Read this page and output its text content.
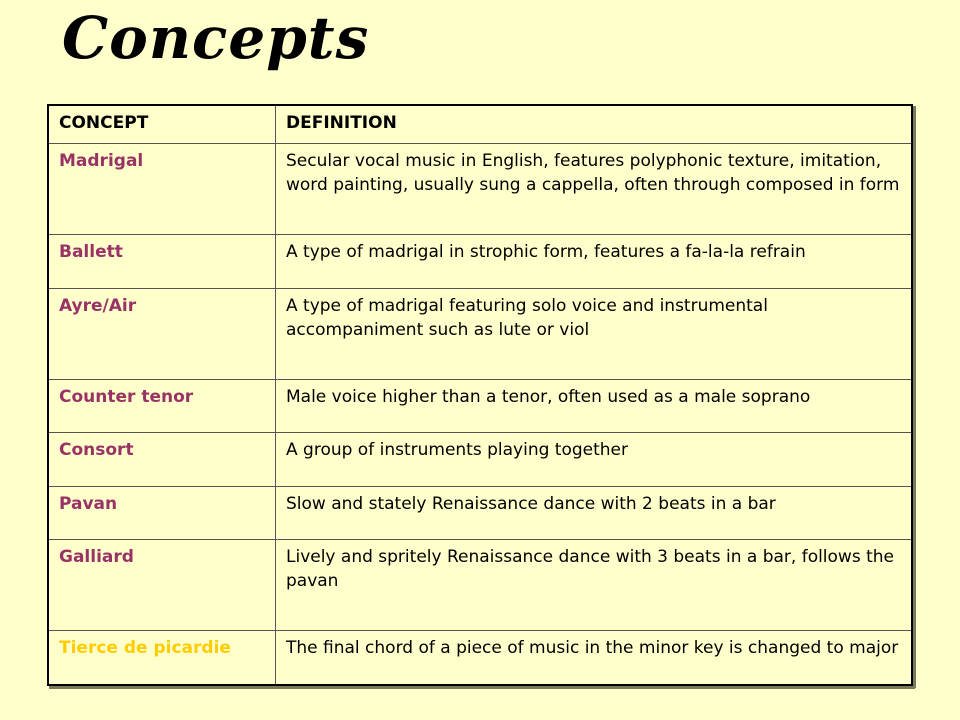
Concepts
CONCEPT	DEFINITION
Madrigal	Secular vocal music in English, features polyphonic texture, imitation, word painting, usually sung a cappella, often through composed in form
Ballett	A type of madrigal in strophic form, features a fa-la-la refrain
Ayre/Air	A type of madrigal featuring solo voice and instrumental accompaniment such as lute or viol
Counter tenor	Male voice higher than a tenor, often used as a male soprano
Consort	A group of instruments playing together
Pavan	Slow and stately Renaissance dance with 2 beats in a bar
Galliard	Lively and spritely Renaissance dance with 3 beats in a bar, follows the pavan
Tierce de picardie	The final chord of a piece of music in the minor key is changed to major
